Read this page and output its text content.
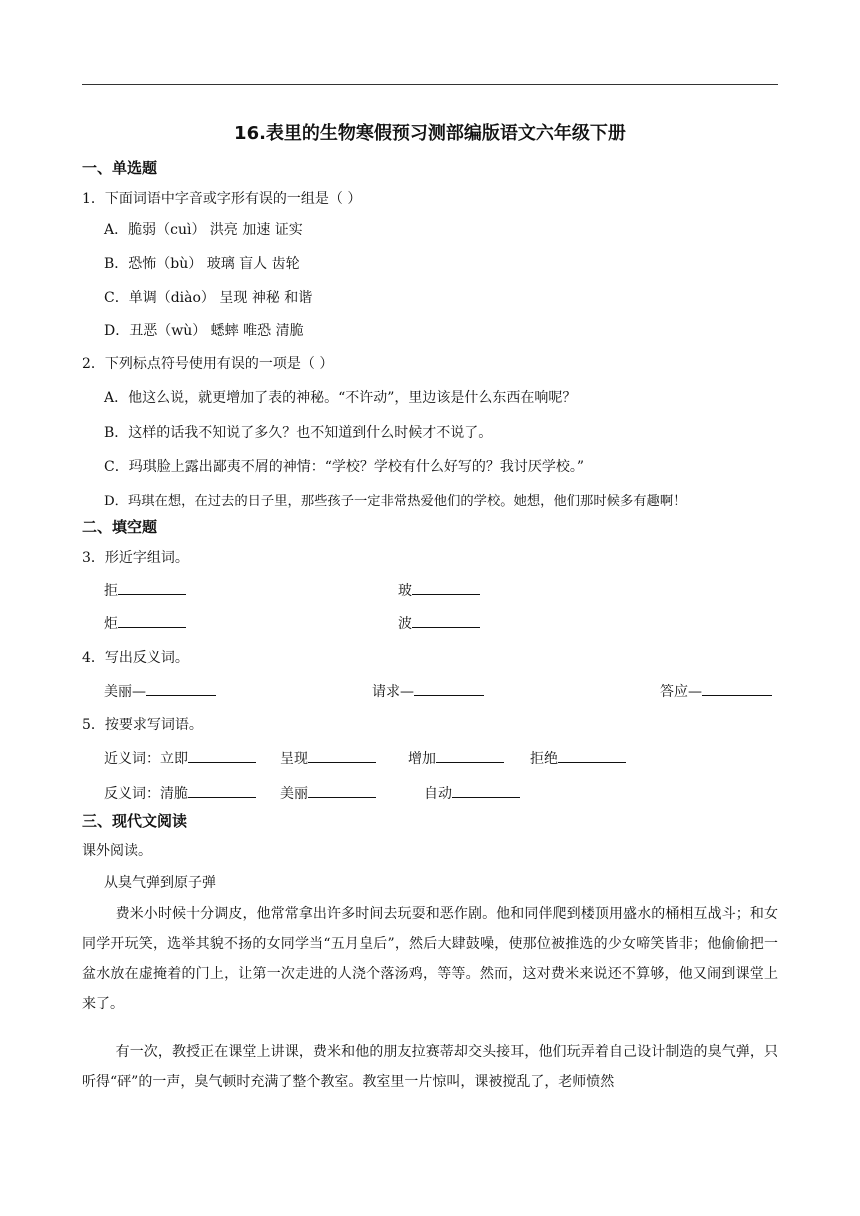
16.表里的生物寒假预习测部编版语文六年级下册
一、单选题
1．下面词语中字音或字形有误的一组是（ ）
A．脆弱（cuì） 洪亮 加速 证实
B．恐怖（bù） 玻璃 盲人 齿轮
C．单调（diào） 呈现 神秘 和谐
D．丑恶（wù） 蟋蟀 唯恐 清脆
2．下列标点符号使用有误的一项是（ ）
A．他这么说，就更增加了表的神秘。“不许动”，里边该是什么东西在响呢？
B．这样的话我不知说了多久？也不知道到什么时候才不说了。
C．玛琪脸上露出鄙夷不屑的神情：“学校？学校有什么好写的？我讨厌学校。”
D．玛琪在想，在过去的日子里，那些孩子一定非常热爱他们的学校。她想，他们那时候多有趣啊！
二、填空题
3．形近字组词。
拒	玻
炬	波
4．写出反义词。
美丽—	请求—	答应—
5．按要求写词语。
近义词：立即	呈现	增加	拒绝
反义词：清脆	美丽	自动
三、现代文阅读
课外阅读。
从臭气弹到原子弹
费米小时候十分调皮，他常常拿出许多时间去玩耍和恶作剧。他和同伴爬到楼顶用盛水的桶相互战斗；和女同学开玩笑，选举其貌不扬的女同学当“五月皇后”，然后大肆鼓噪，使那位被推选的少女啼笑皆非；他偷偷把一盆水放在虚掩着的门上，让第一次走进的人浇个落汤鸡，等等。然而，这对费米来说还不算够，他又闹到课堂上来了。
有一次，教授正在课堂上讲课，费米和他的朋友拉赛蒂却交头接耳，他们玩弄着自己设计制造的臭气弹，只听得“砰”的一声，臭气顿时充满了整个教室。教室里一片惊叫，课被搅乱了，老师愤然
